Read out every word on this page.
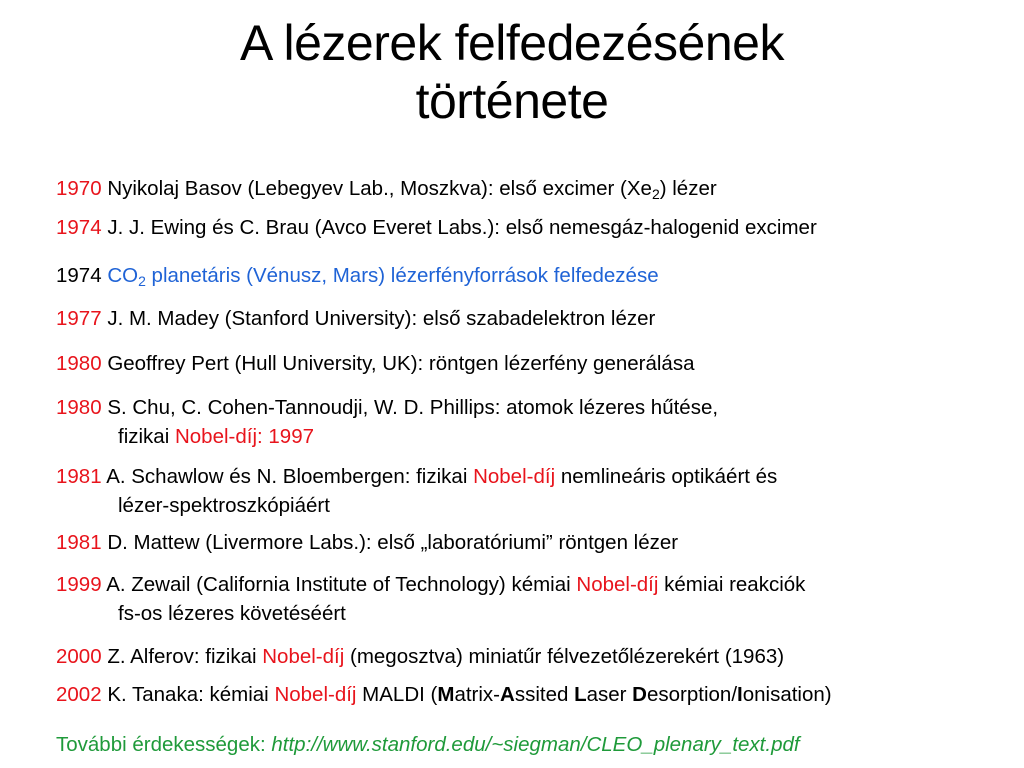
A lézerek felfedezésének
története
1970 Nyikolaj Basov (Lebegyev Lab., Moszkva): első excimer $(Xe_2)$ lézer
1974 J. J. Ewing és C. Brau (Avco Everet Labs.): első nemesgáz-halogenid excimer
1974 $CO_2$ planetáris (Vénusz, Mars) lézerfényforrások felfedezése
1977 J. M. Madey (Stanford University): első szabadelektron lézer
1980 Geoffrey Pert (Hull University, UK): röntgen lézerfény generálása
1980 S. Chu, C. Cohen-Tannoudji, W. D. Phillips: atomok lézeres hűtése,
fizikai Nobel-díj: 1997
1981 A. Schawlow és N. Bloembergen: fizikai Nobel-díj nemlineáris optikáért és
lézer-spektroszkópiáért
1981 D. Mattew (Livermore Labs.): első „laboratóriumi” röntgen lézer
1999 A. Zewail (California Institute of Technology) kémiai Nobel-díj kémiai reakciók
fs-os lézeres követéséért
2000 Z. Alferov: fizikai Nobel-díj (megosztva) miniatűr félvezetőlézerekért (1963)
2002 K. Tanaka: kémiai Nobel-díj MALDI (Matrix-Assited Laser Desorption/Ionisation)
További érdekességek: http://www.stanford.edu/~siegman/CLEO_plenary_text.pdf
